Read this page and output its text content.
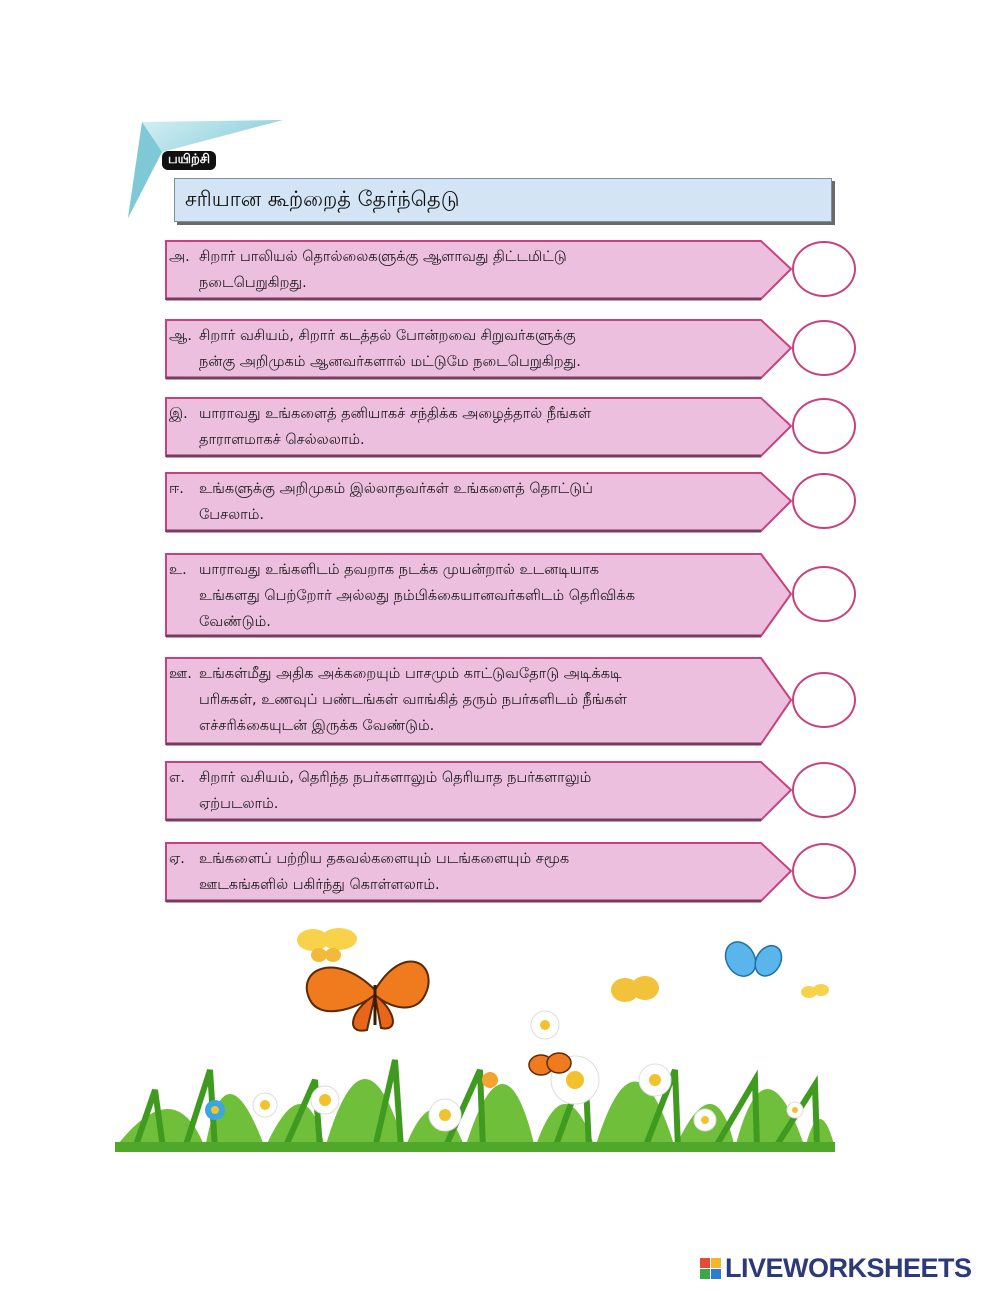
பயிற்சி
சரியான கூற்றைத் தேர்ந்தெடு
அ. சிறார் பாலியல் தொல்லைகளுக்கு ஆளாவது திட்டமிட்டு
நடைபெறுகிறது.
ஆ. சிறார் வசியம், சிறார் கடத்தல் போன்றவை சிறுவர்களுக்கு
நன்கு அறிமுகம் ஆனவர்களால் மட்டுமே நடைபெறுகிறது.
இ. யாராவது உங்களைத் தனியாகச் சந்திக்க அழைத்தால் நீங்கள்
தாராளமாகச் செல்லலாம்.
ஈ. உங்களுக்கு அறிமுகம் இல்லாதவர்கள் உங்களைத் தொட்டுப்
பேசலாம்.
உ. யாராவது உங்களிடம் தவறாக நடக்க முயன்றால் உடனடியாக
உங்களது பெற்றோர் அல்லது நம்பிக்கையானவர்களிடம் தெரிவிக்க
வேண்டும்.
ஊ. உங்கள்மீது அதிக அக்கறையும் பாசமும் காட்டுவதோடு அடிக்கடி
பரிசுகள், உணவுப் பண்டங்கள் வாங்கித் தரும் நபர்களிடம் நீங்கள்
எச்சரிக்கையுடன் இருக்க வேண்டும்.
எ. சிறார் வசியம், தெரிந்த நபர்களாலும் தெரியாத நபர்களாலும்
ஏற்படலாம்.
ஏ. உங்களைப் பற்றிய தகவல்களையும் படங்களையும் சமூக
ஊடகங்களில் பகிர்ந்து கொள்ளலாம்.
LIVEWORKSHEETS
